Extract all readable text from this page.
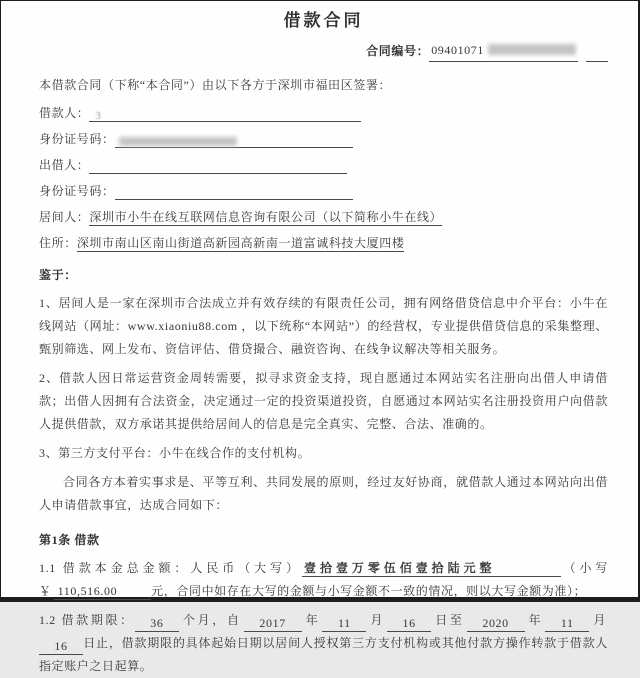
借款合同
合同编号： 09401071

本借款合同（下称“本合同”）由以下各方于深圳市福田区签署：

借款人： 3
身份证号码：
出借人：
身份证号码：
居间人：深圳市小牛在线互联网信息咨询有限公司（以下简称小牛在线）
住所：深圳市南山区南山街道高新园高新南一道富诚科技大厦四楼

鉴于：

1、居间人是一家在深圳市合法成立并有效存续的有限责任公司，拥有网络借贷信息中介平台：小牛在线网站（网址：www.xiaoniu88.com ，以下统称“本网站”）的经营权，专业提供借贷信息的采集整理、甄别筛选、网上发布、资信评估、借贷撮合、融资咨询、在线争议解决等相关服务。

2、借款人因日常运营资金周转需要，拟寻求资金支持，现自愿通过本网站实名注册向出借人申请借款；出借人因拥有合法资金，决定通过一定的投资渠道投资，自愿通过本网站实名注册投资用户向借款人提供借款，双方承诺其提供给居间人的信息是完全真实、完整、合法、准确的。

3、第三方支付平台：小牛在线合作的支付机构。

合同各方本着实事求是、平等互利、共同发展的原则，经过友好协商，就借款人通过本网站向出借人申请借款事宜，达成合同如下：

第1条 借款

1.1 借款本金总金额：人民币（大写） 壹拾壹万零伍佰壹拾陆元整	（小写￥ 110,516.00	元，合同中如存在大写的金额与小写金额不一致的情况，则以大写金额为准）；

1.2 借款期限： 36 个月，自 2017 年 11 月 16 日至 2020 年 11 月16 日止，借款期限的具体起始日期以居间人授权第三方支付机构或其他付款方操作转款于借款人指定账户之日起算。
